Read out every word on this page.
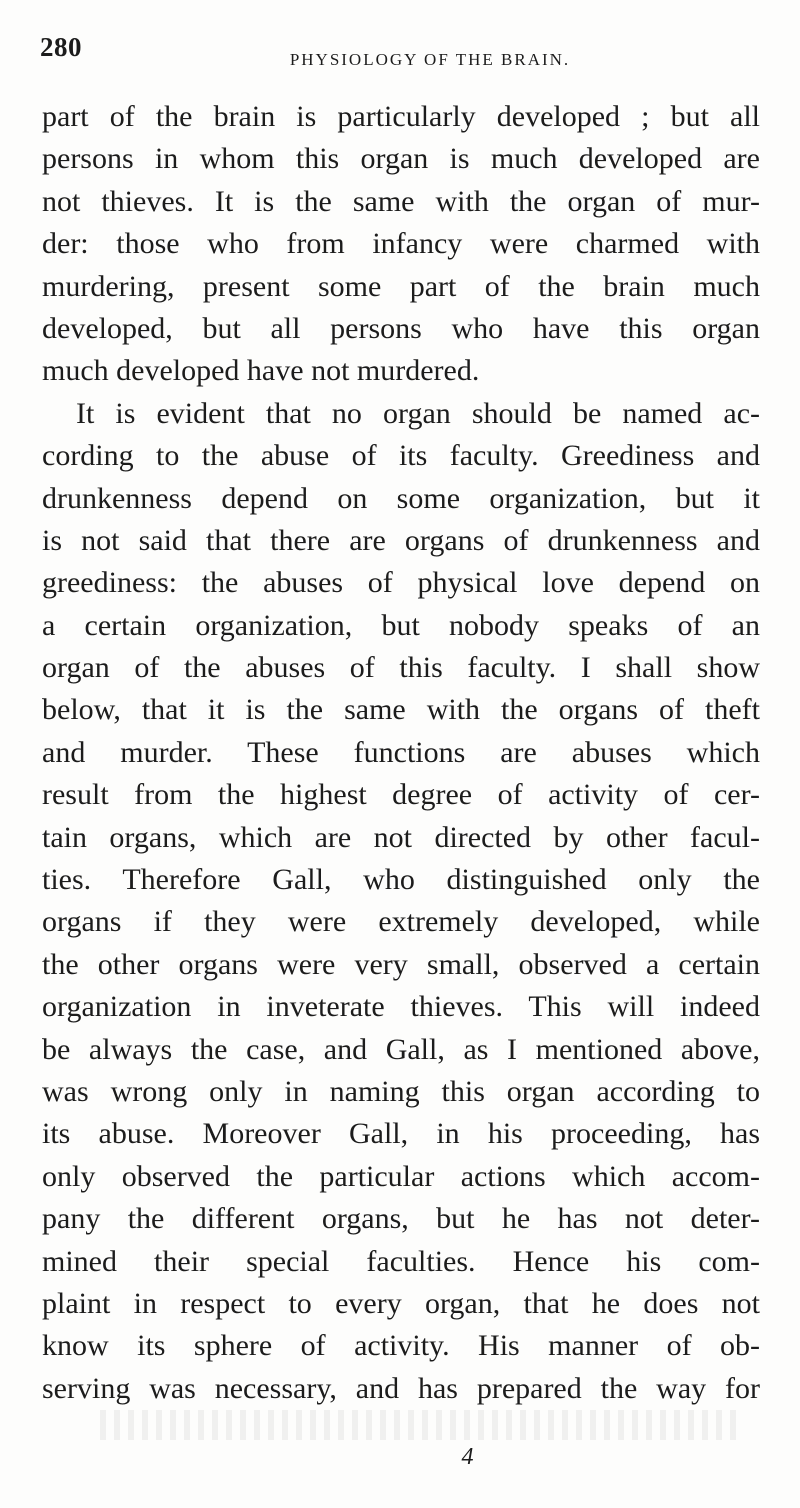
280	PHYSIOLOGY OF THE BRAIN.
part of the brain is particularly developed ; but all
persons in whom this organ is much developed are
not thieves. It is the same with the organ of mur-
der: those who from infancy were charmed with
murdering, present some part of the brain much
developed, but all persons who have this organ
much developed have not murdered.
It is evident that no organ should be named ac-
cording to the abuse of its faculty. Greediness and
drunkenness depend on some organization, but it
is not said that there are organs of drunkenness and
greediness: the abuses of physical love depend on
a certain organization, but nobody speaks of an
organ of the abuses of this faculty. I shall show
below, that it is the same with the organs of theft
and murder. These functions are abuses which
result from the highest degree of activity of cer-
tain organs, which are not directed by other facul-
ties. Therefore Gall, who distinguished only the
organs if they were extremely developed, while
the other organs were very small, observed a certain
organization in inveterate thieves. This will indeed
be always the case, and Gall, as I mentioned above,
was wrong only in naming this organ according to
its abuse. Moreover Gall, in his proceeding, has
only observed the particular actions which accom-
pany the different organs, but he has not deter-
mined their special faculties. Hence his com-
plaint in respect to every organ, that he does not
know its sphere of activity. His manner of ob-
serving was necessary, and has prepared the way for
4
